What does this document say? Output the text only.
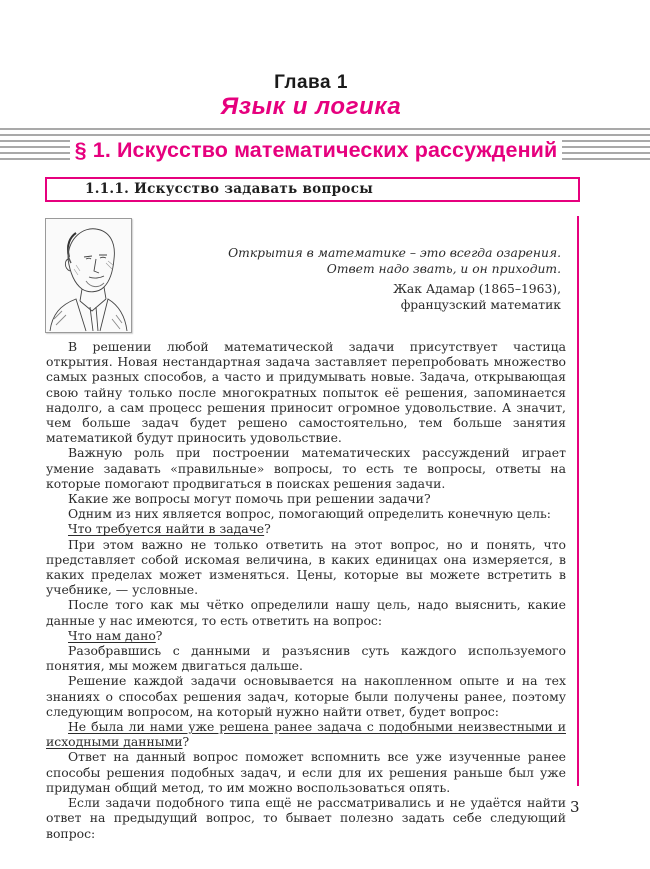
Глава 1
Язык и логика
§ 1. Искусство математических рассуждений
1.1.1. Искусство задавать вопросы
Открытия в математике – это всегда озарения.
Ответ надо звать, и он приходит.
Жак Адамар (1865–1963),
французский математик

В решении любой математической задачи присутствует частица открытия. Новая нестандартная задача заставляет перепробовать множество самых разных способов, а часто и придумывать новые. Задача, открывающая свою тайну только после многократных попыток её решения, запоминается надолго, а сам процесс решения приносит огромное удовольствие. А значит, чем больше задач будет решено самостоятельно, тем больше занятия математикой будут приносить удовольствие.

Важную роль при построении математических рассуждений играет умение задавать «правильные» вопросы, то есть те вопросы, ответы на которые помогают продвигаться в поисках решения задачи.

Какие же вопросы могут помочь при решении задачи?

Одним из них является вопрос, помогающий определить конечную цель:

Что требуется найти в задаче?

При этом важно не только ответить на этот вопрос, но и понять, что представляет собой искомая величина, в каких единицах она измеряется, в каких пределах может изменяться. Цены, которые вы можете встретить в учебнике, — условные.

После того как мы чётко определили нашу цель, надо выяснить, какие данные у нас имеются, то есть ответить на вопрос:

Что нам дано?

Разобравшись с данными и разъяснив суть каждого используемого понятия, мы можем двигаться дальше.

Решение каждой задачи основывается на накопленном опыте и на тех знаниях о способах решения задач, которые были получены ранее, поэтому следующим вопросом, на который нужно найти ответ, будет вопрос:

Не была ли нами уже решена ранее задача с подобными неизвестными и исходными данными?

Ответ на данный вопрос поможет вспомнить все уже изученные ранее способы решения подобных задач, и если для их решения раньше был уже придуман общий метод, то им можно воспользоваться опять.

Если задачи подобного типа ещё не рассматривались и не удаётся найти ответ на предыдущий вопрос, то бывает полезно задать себе следующий вопрос:

3
